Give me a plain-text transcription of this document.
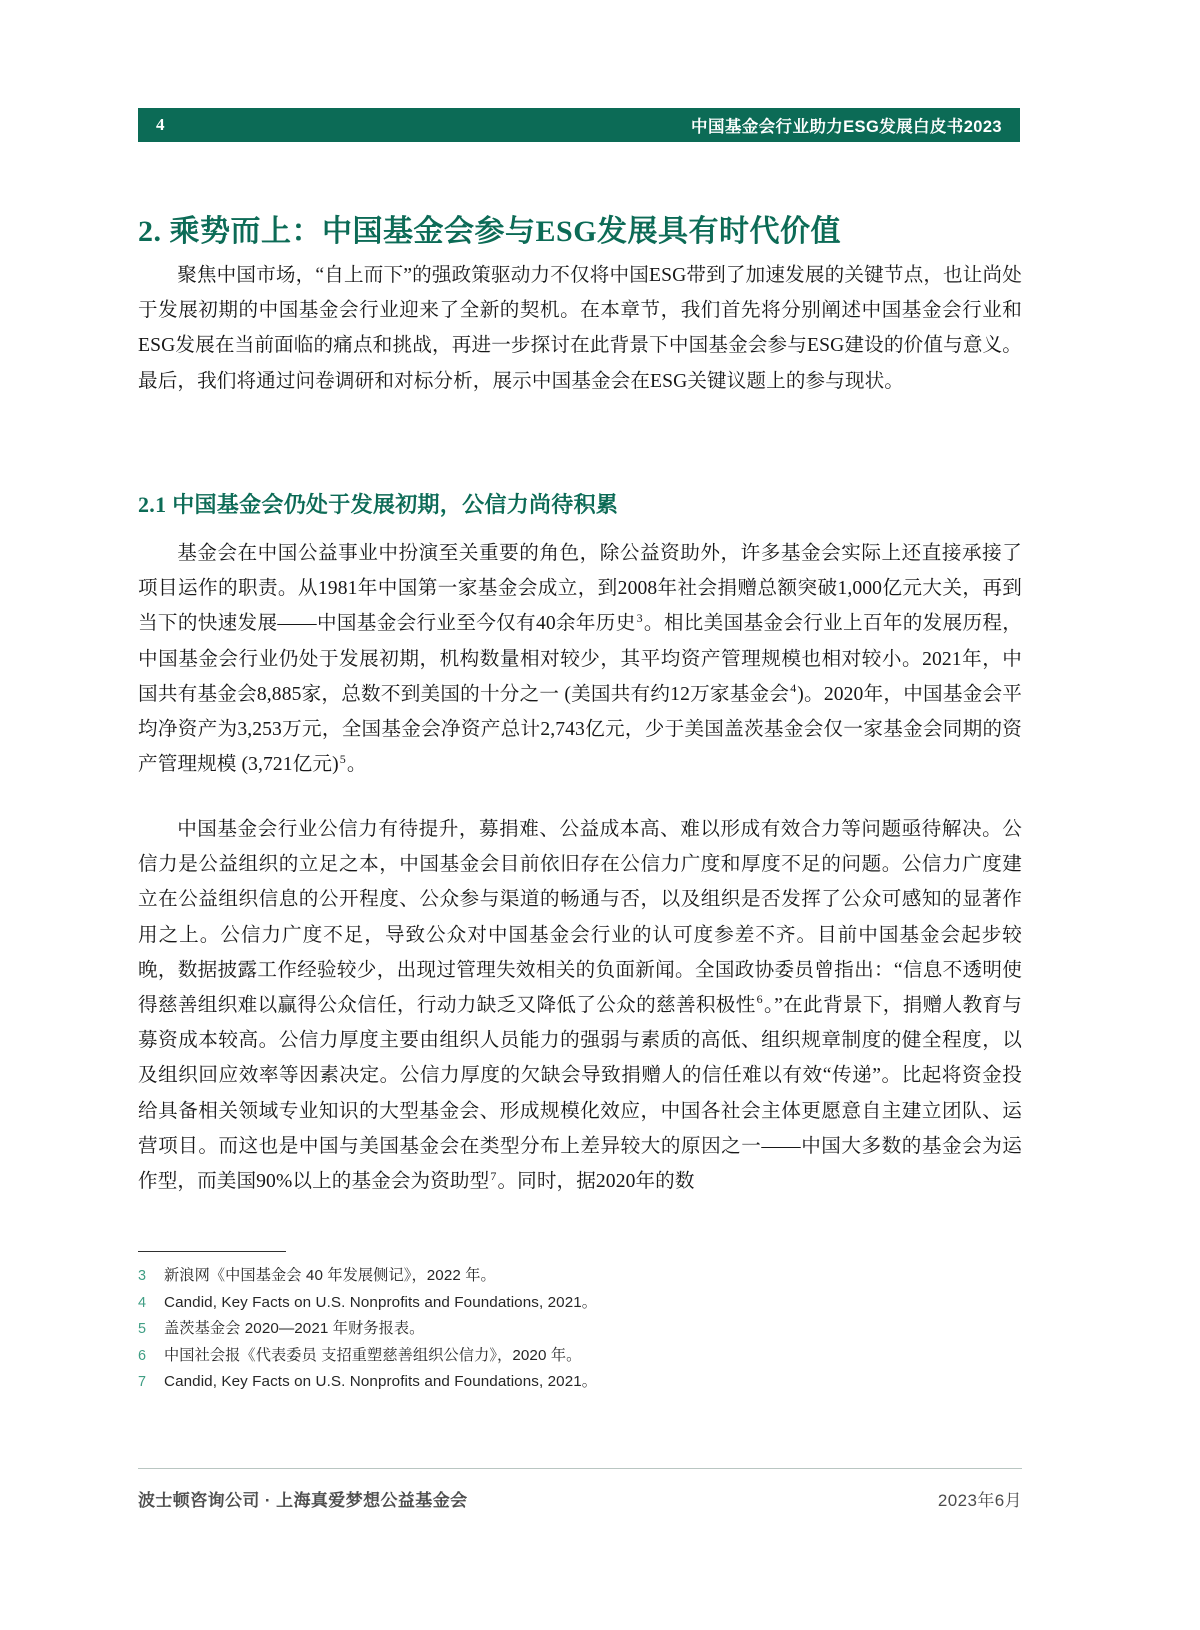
4	中国基金会行业助力ESG发展白皮书2023
2. 乘势而上：中国基金会参与ESG发展具有时代价值

聚焦中国市场，“自上而下”的强政策驱动力不仅将中国ESG带到了加速发展的关键节点，也让尚处于发展初期的中国基金会行业迎来了全新的契机。在本章节，我们首先将分别阐述中国基金会行业和ESG发展在当前面临的痛点和挑战，再进一步探讨在此背景下中国基金会参与ESG建设的价值与意义。最后，我们将通过问卷调研和对标分析，展示中国基金会在ESG关键议题上的参与现状。

2.1 中国基金会仍处于发展初期，公信力尚待积累

基金会在中国公益事业中扮演至关重要的角色，除公益资助外，许多基金会实际上还直接承接了项目运作的职责。从1981年中国第一家基金会成立，到2008年社会捐赠总额突破1,000亿元大关，再到当下的快速发展——中国基金会行业至今仅有40余年历史$^3$。相比美国基金会行业上百年的发展历程，中国基金会行业仍处于发展初期，机构数量相对较少，其平均资产管理规模也相对较小。2021年，中国共有基金会8,885家，总数不到美国的十分之一 (美国共有约12万家基金会$^4$)。2020年，中国基金会平均净资产为3,253万元，全国基金会净资产总计2,743亿元，少于美国盖茨基金会仅一家基金会同期的资产管理规模 (3,721亿元)$^5$。

中国基金会行业公信力有待提升，募捐难、公益成本高、难以形成有效合力等问题亟待解决。公信力是公益组织的立足之本，中国基金会目前依旧存在公信力广度和厚度不足的问题。公信力广度建立在公益组织信息的公开程度、公众参与渠道的畅通与否，以及组织是否发挥了公众可感知的显著作用之上。公信力广度不足，导致公众对中国基金会行业的认可度参差不齐。目前中国基金会起步较晚，数据披露工作经验较少，出现过管理失效相关的负面新闻。全国政协委员曾指出：“信息不透明使得慈善组织难以赢得公众信任，行动力缺乏又降低了公众的慈善积极性$^6$。”在此背景下，捐赠人教育与募资成本较高。公信力厚度主要由组织人员能力的强弱与素质的高低、组织规章制度的健全程度，以及组织回应效率等因素决定。公信力厚度的欠缺会导致捐赠人的信任难以有效“传递”。比起将资金投给具备相关领域专业知识的大型基金会、形成规模化效应，中国各社会主体更愿意自主建立团队、运营项目。而这也是中国与美国基金会在类型分布上差异较大的原因之一——中国大多数的基金会为运作型，而美国90%以上的基金会为资助型$^7$。同时，据2020年的数

3	新浪网《中国基金会 40 年发展侧记》，2022 年。
4	Candid, Key Facts on U.S. Nonprofits and Foundations, 2021。
5	盖茨基金会 2020—2021 年财务报表。
6	中国社会报《代表委员 支招重塑慈善组织公信力》，2020 年。
7	Candid, Key Facts on U.S. Nonprofits and Foundations, 2021。
波士顿咨询公司 · 上海真爱梦想公益基金会	2023年6月
